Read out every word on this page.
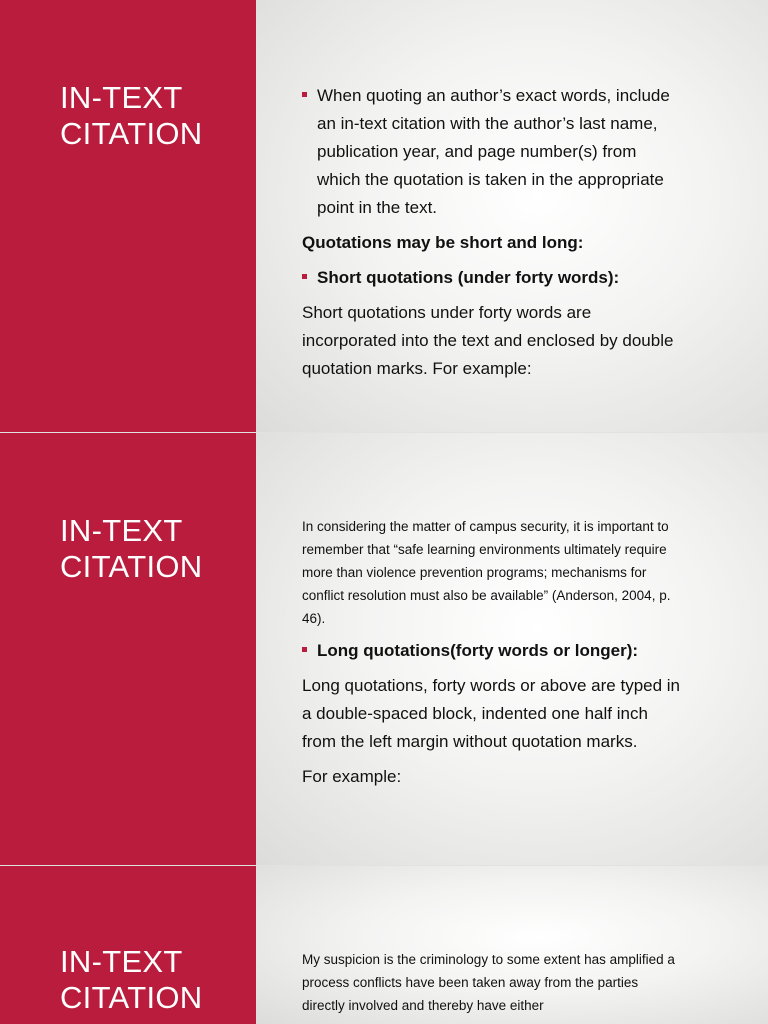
IN-TEXT
CITATION
When quoting an author’s exact words, include an in-text citation with the author’s last name, publication year, and page number(s) from which the quotation is taken in the appropriate point in the text.
Quotations may be short and long:
Short quotations (under forty words):
Short quotations under forty words are incorporated into the text and enclosed by double quotation marks. For example:
IN-TEXT
CITATION
In considering the matter of campus security, it is important to remember that “safe learning environments ultimately require more than violence prevention programs; mechanisms for conflict resolution must also be available” (Anderson, 2004, p. 46).
Long quotations(forty words or longer):
Long quotations, forty words or above are typed in a double-spaced block, indented one half inch from the left margin without quotation marks.
For example:
IN-TEXT
CITATION
My suspicion is the criminology to some extent has amplified a process conflicts have been taken away from the parties directly involved and thereby have either
